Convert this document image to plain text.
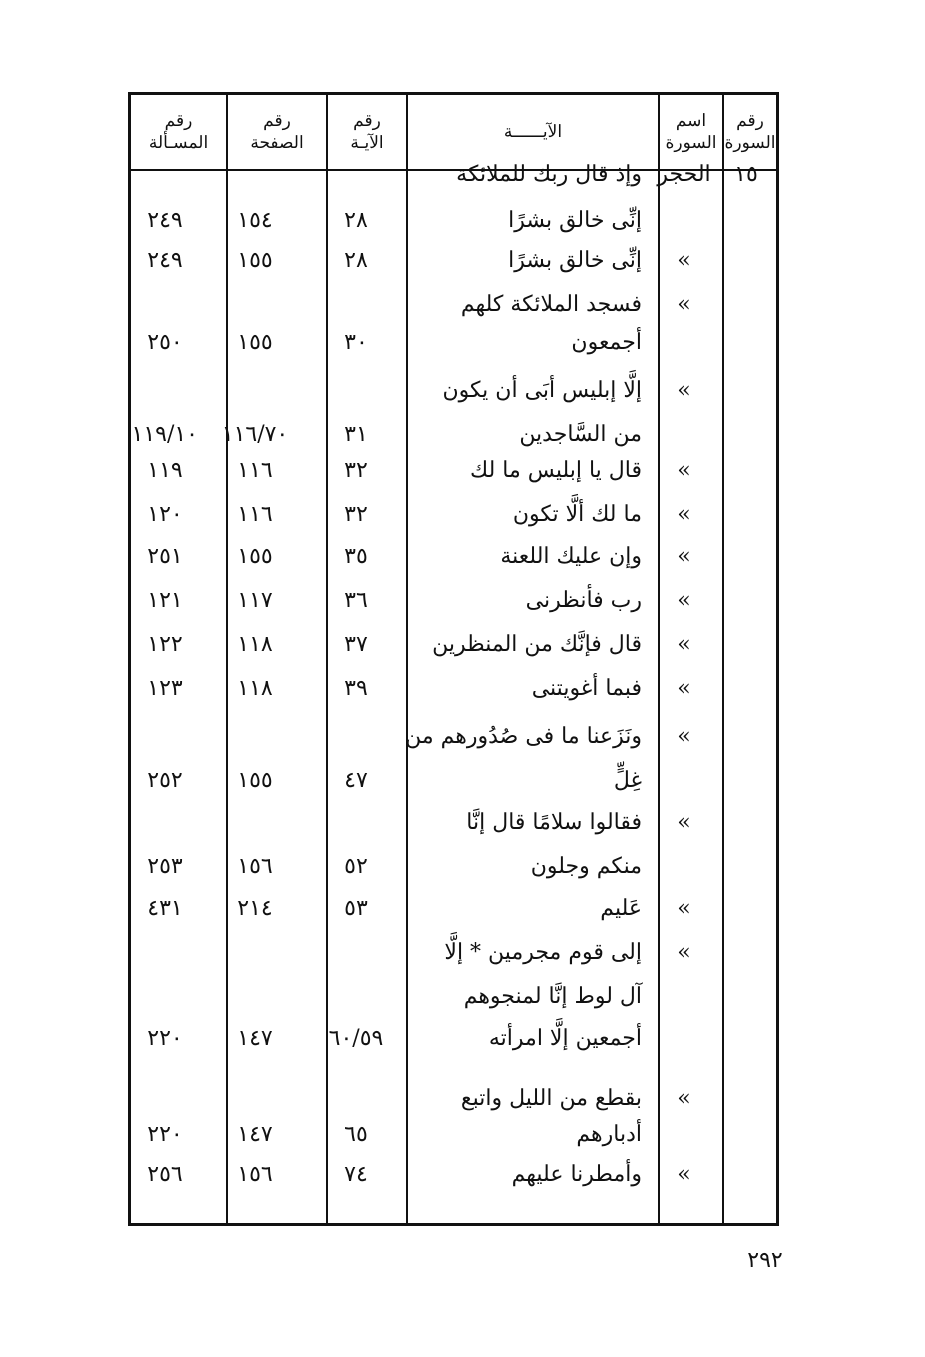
رقم
السورة
اسم
السورة
الآيــــــة
رقم
الآيـة
رقم
الصفحة
رقم
المسـألة
١٥
الحجر
وإذ قال ربك للملائكة
إنِّى خالق بشرًا
٢٨
١٥٤
٢٤٩
»
إنِّى خالق بشرًا
٢٨
١٥٥
٢٤٩
»
فسجد الملائكة كلهم
أجمعون
٣٠
١٥٥
٢٥٠
»
إلَّا إبليس أبَى أن يكون
من السَّاجدين
٣١
١١٦/٧٠
١١٩/١٠
»
قال يا إبليس ما لك
٣٢
١١٦
١١٩
»
ما لك ألَّا تكون
٣٢
١١٦
١٢٠
»
وإن عليك اللعنة
٣٥
١٥٥
٢٥١
»
رب فأنظرنى
٣٦
١١٧
١٢١
»
قال فإنَّك من المنظرين
٣٧
١١٨
١٢٢
»
فبما أغويتنى
٣٩
١١٨
١٢٣
»
ونَزَعنا ما فى صُدُورهم من
غِلٍّ
٤٧
١٥٥
٢٥٢
»
فقالوا سلامًا قال إنَّا
منكم وجلون
٥٢
١٥٦
٢٥٣
»
عَليم
٥٣
٢١٤
٤٣١
»
إلى قوم مجرمين * إلَّا
آل لوط إنَّا لمنجوهم
أجمعين إلَّا امرأته
٦٠/٥٩
١٤٧
٢٢٠
»
بقطع من الليل واتبع
أدبارهم
٦٥
١٤٧
٢٢٠
»
وأمطرنا عليهم
٧٤
١٥٦
٢٥٦
٢٩٢
